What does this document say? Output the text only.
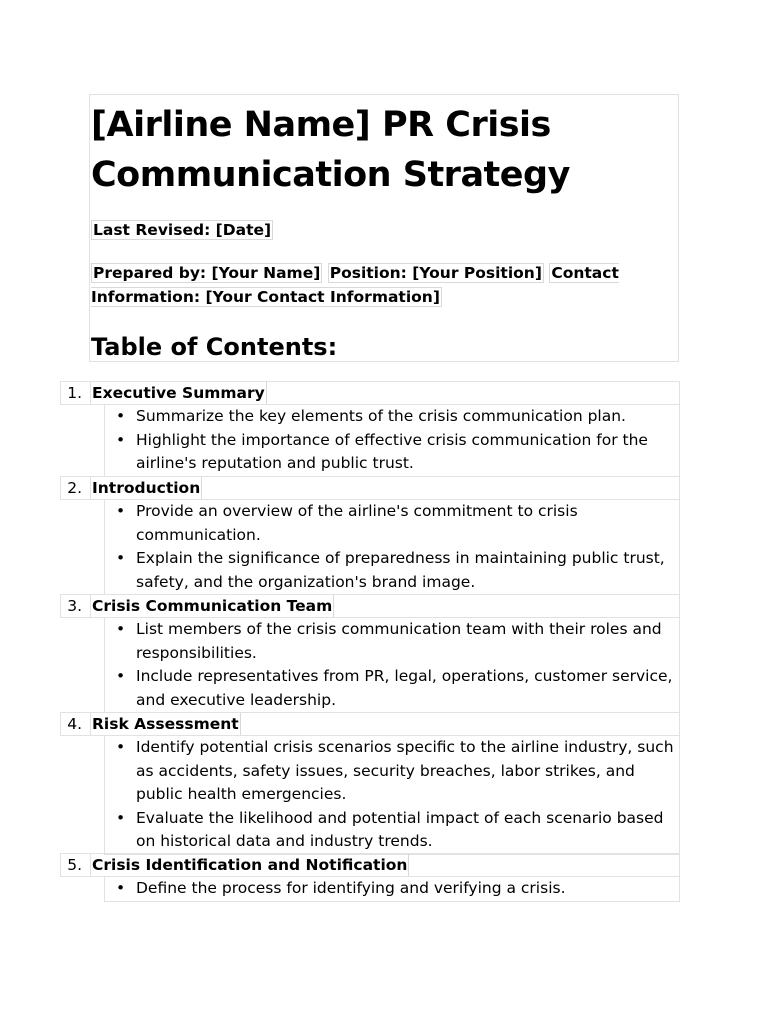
[Airline Name] PR Crisis Communication Strategy
Last Revised: [Date]
Prepared by: [Your Name] Position: [Your Position] Contact Information: [Your Contact Information]
Table of Contents:
1. Executive Summary
• Summarize the key elements of the crisis communication plan.
• Highlight the importance of effective crisis communication for the airline's reputation and public trust.
2. Introduction
• Provide an overview of the airline's commitment to crisis communication.
• Explain the significance of preparedness in maintaining public trust, safety, and the organization's brand image.
3. Crisis Communication Team
• List members of the crisis communication team with their roles and responsibilities.
• Include representatives from PR, legal, operations, customer service, and executive leadership.
4. Risk Assessment
• Identify potential crisis scenarios specific to the airline industry, such as accidents, safety issues, security breaches, labor strikes, and public health emergencies.
• Evaluate the likelihood and potential impact of each scenario based on historical data and industry trends.
5. Crisis Identification and Notification
• Define the process for identifying and verifying a crisis.
